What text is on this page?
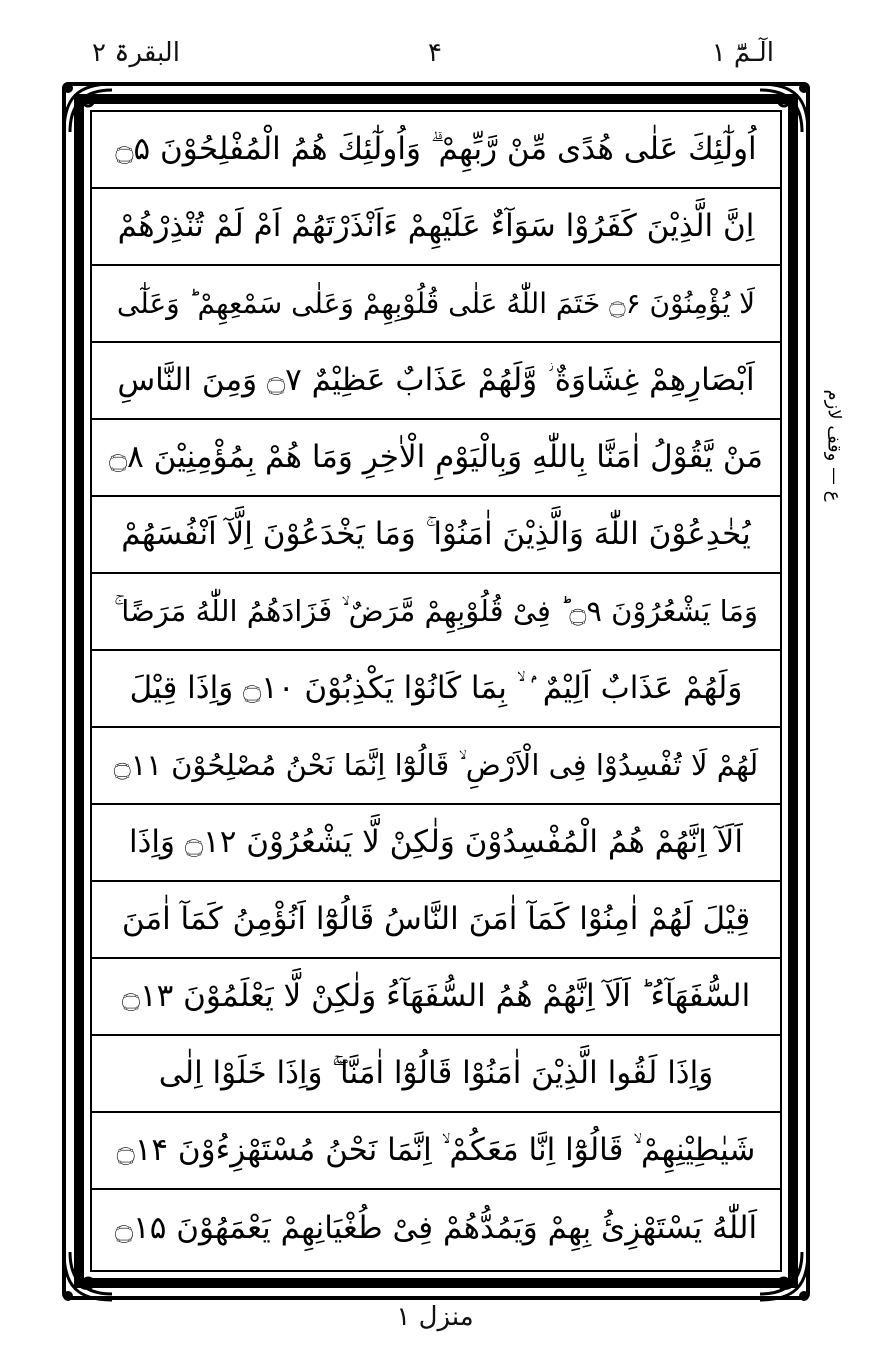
الٓـمّٓ ۱
۴
البقرۃ ۲
اُولٰٓئِكَ عَلٰى هُدًى مِّنْ رَّبِّهِمْ ۗ وَاُولٰٓئِكَ هُمُ الْمُفْلِحُوْنَ ۝۵
اِنَّ الَّذِيْنَ كَفَرُوْا سَوَآءٌ عَلَيْهِمْ ءَاَنْذَرْتَهُمْ اَمْ لَمْ تُنْذِرْهُمْ
لَا يُؤْمِنُوْنَ ۝۶ خَتَمَ اللّٰهُ عَلٰى قُلُوْبِهِمْ وَعَلٰى سَمْعِهِمْ ؕ وَعَلٰٓى
اَبْصَارِهِمْ غِشَاوَةٌ ؗ وَّلَهُمْ عَذَابٌ عَظِيْمٌ ۝۷ وَمِنَ النَّاسِ
مَنْ يَّقُوْلُ اٰمَنَّا بِاللّٰهِ وَبِالْيَوْمِ الْاٰخِرِ وَمَا هُمْ بِمُؤْمِنِيْنَ ۝۸
يُخٰدِعُوْنَ اللّٰهَ وَالَّذِيْنَ اٰمَنُوْا ۚ وَمَا يَخْدَعُوْنَ اِلَّآ اَنْفُسَهُمْ
وَمَا يَشْعُرُوْنَ ۝۹ ؕ فِىْ قُلُوْبِهِمْ مَّرَضٌ ۙ فَزَادَهُمُ اللّٰهُ مَرَضًا ۚ
وَلَهُمْ عَذَابٌ اَلِيْمٌ ۢ ۙ بِمَا كَانُوْا يَكْذِبُوْنَ ۝۱۰ وَاِذَا قِيْلَ
لَهُمْ لَا تُفْسِدُوْا فِى الْاَرْضِ ۙ قَالُوْٓا اِنَّمَا نَحْنُ مُصْلِحُوْنَ ۝۱۱
اَلَآ اِنَّهُمْ هُمُ الْمُفْسِدُوْنَ وَلٰكِنْ لَّا يَشْعُرُوْنَ ۝۱۲ وَاِذَا
قِيْلَ لَهُمْ اٰمِنُوْا كَمَآ اٰمَنَ النَّاسُ قَالُوْٓا اَنُؤْمِنُ كَمَآ اٰمَنَ
السُّفَهَآءُ ؕ اَلَآ اِنَّهُمْ هُمُ السُّفَهَآءُ وَلٰكِنْ لَّا يَعْلَمُوْنَ ۝۱۳
وَاِذَا لَقُوا الَّذِيْنَ اٰمَنُوْا قَالُوْٓا اٰمَنَّا ۚۖ وَاِذَا خَلَوْا اِلٰى
شَيٰطِيْنِهِمْ ۙ قَالُوْٓا اِنَّا مَعَكُمْ ۙ اِنَّمَا نَحْنُ مُسْتَهْزِءُوْنَ ۝۱۴
اَللّٰهُ يَسْتَهْزِئُ بِهِمْ وَيَمُدُّهُمْ فِىْ طُغْيَانِهِمْ يَعْمَهُوْنَ ۝۱۵
ع — وقف لازم
منزل ۱
